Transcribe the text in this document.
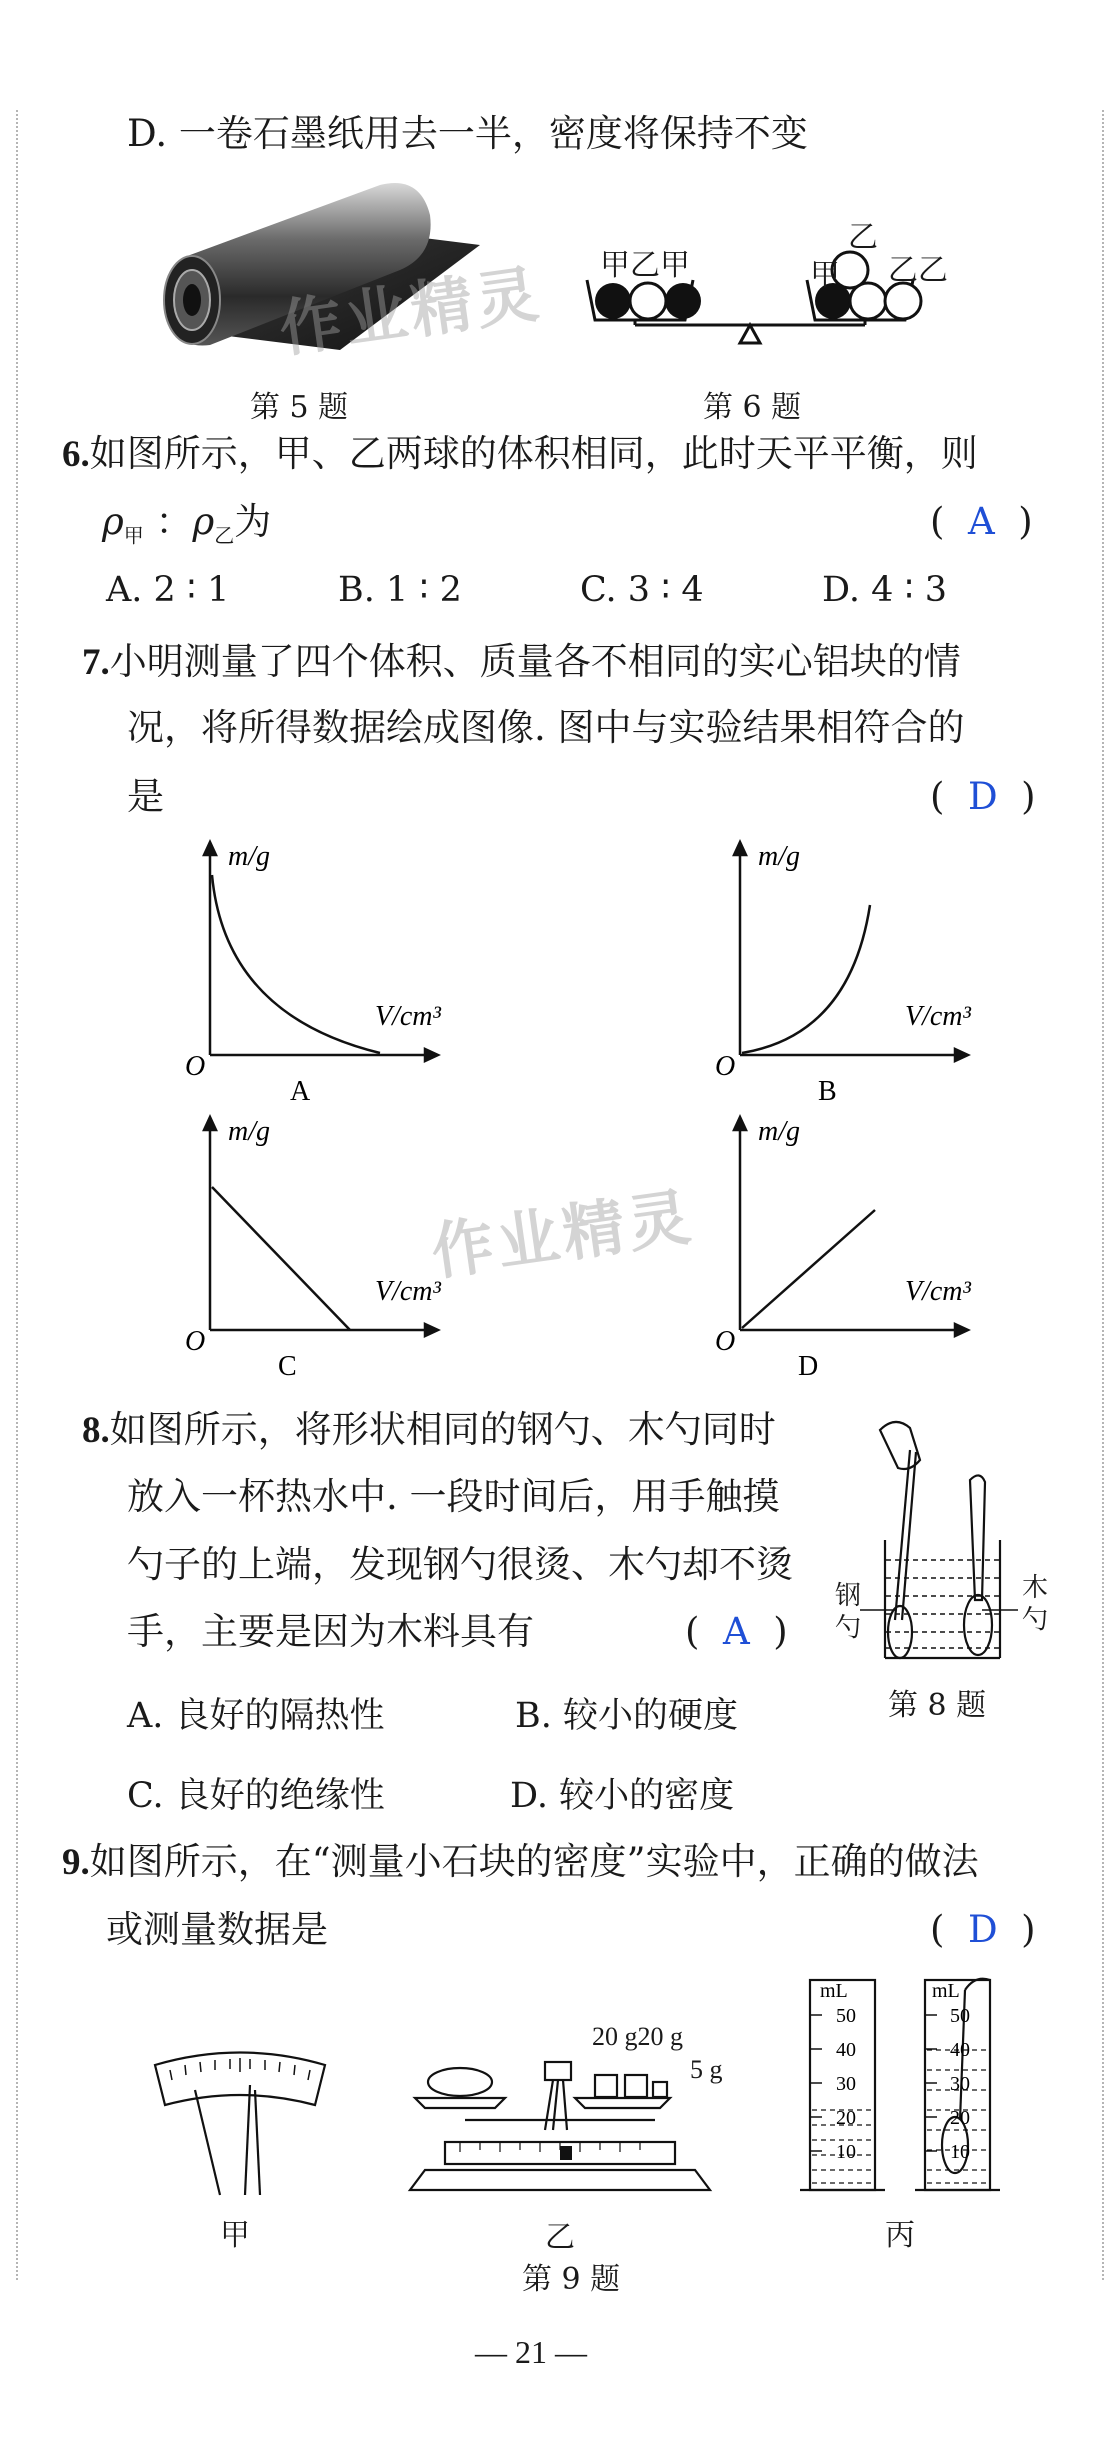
D. 一卷石墨纸用去一半，密度将保持不变
作业精灵
第 5 题
甲乙甲
乙
甲 乙乙
第 6 题
6.如图所示，甲、乙两球的体积相同，此时天平平衡，则
$\rho_甲$ ：$\rho_乙$为	(  A  )
A. 2 ∶ 1	B. 1 ∶ 2	C. 3 ∶ 4	D. 4 ∶ 3
7.小明测量了四个体积、质量各不相同的实心铝块的情
况，将所得数据绘成图像. 图中与实验结果相符合的
是	(  D  )
m/g
V/cm³
O
A
m/g
V/cm³
O
B
m/g
V/cm³
O
C
m/g
V/cm³
O
D
作业精灵
8.如图所示，将形状相同的钢勺、木勺同时
放入一杯热水中. 一段时间后，用手触摸
勺子的上端，发现钢勺很烫、木勺却不烫
手，主要是因为木料具有	(  A  )
A. 良好的隔热性	B. 较小的硬度
C. 良好的绝缘性	D. 较小的密度
钢
勺
木
勺
第 8 题
9.如图所示，在“测量小石块的密度”实验中，正确的做法
或测量数据是	(  D  )
甲
20 g20 g
5 g
乙
mL
50
40
30
20
10
mL
50
40
30
20
10
丙
第 9 题
— 21 —
